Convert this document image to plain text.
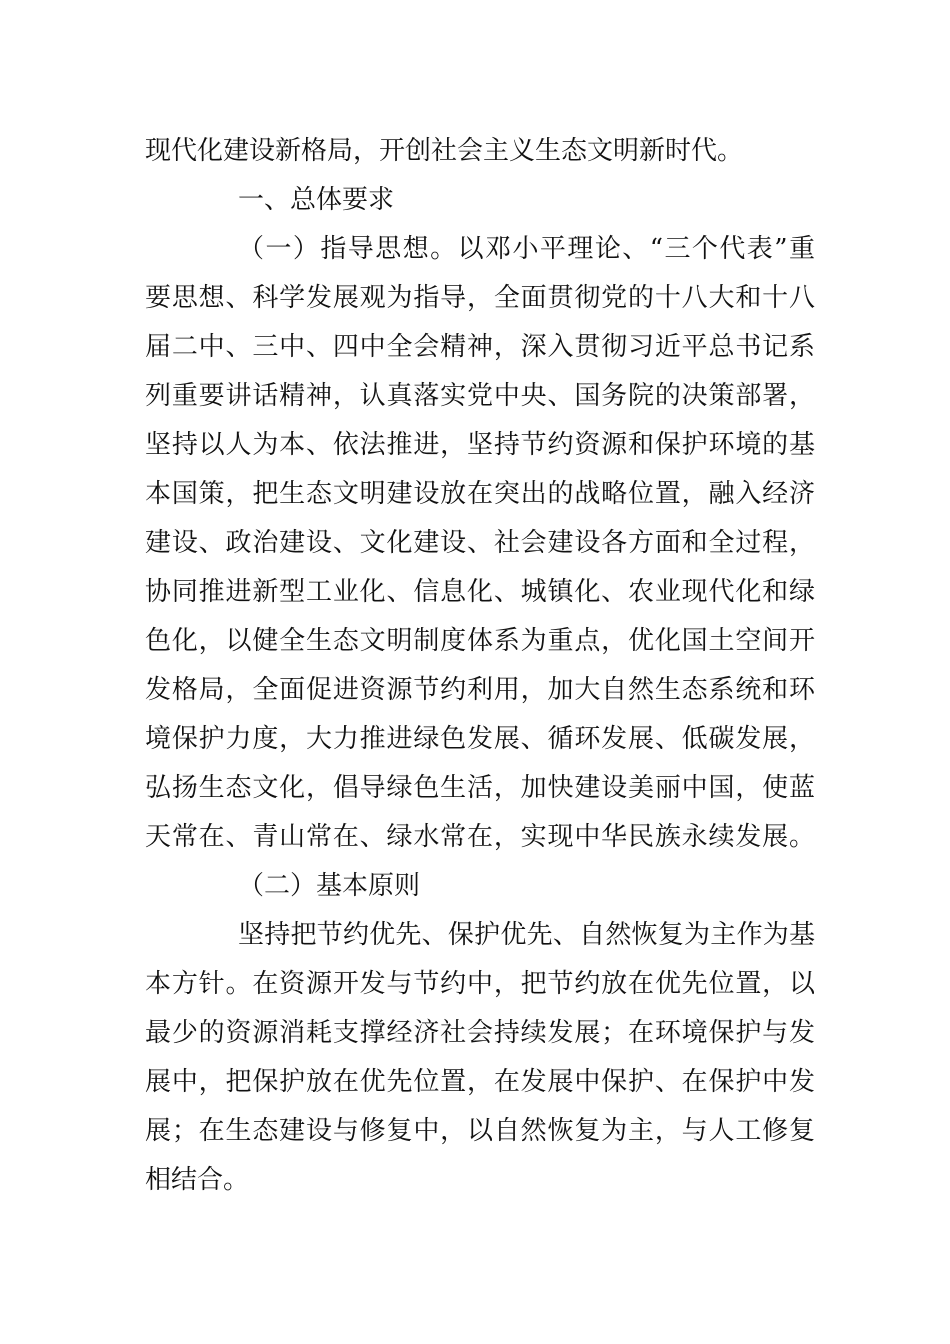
现代化建设新格局，开创社会主义生态文明新时代。
一、总体要求
（一）指导思想。以邓小平理论、“三个代表”重
要思想、科学发展观为指导，全面贯彻党的十八大和十八
届二中、三中、四中全会精神，深入贯彻习近平总书记系
列重要讲话精神，认真落实党中央、国务院的决策部署，
坚持以人为本、依法推进，坚持节约资源和保护环境的基
本国策，把生态文明建设放在突出的战略位置，融入经济
建设、政治建设、文化建设、社会建设各方面和全过程，
协同推进新型工业化、信息化、城镇化、农业现代化和绿
色化，以健全生态文明制度体系为重点，优化国土空间开
发格局，全面促进资源节约利用，加大自然生态系统和环
境保护力度，大力推进绿色发展、循环发展、低碳发展，
弘扬生态文化，倡导绿色生活，加快建设美丽中国，使蓝
天常在、青山常在、绿水常在，实现中华民族永续发展。
（二）基本原则
坚持把节约优先、保护优先、自然恢复为主作为基
本方针。在资源开发与节约中，把节约放在优先位置，以
最少的资源消耗支撑经济社会持续发展；在环境保护与发
展中，把保护放在优先位置，在发展中保护、在保护中发
展；在生态建设与修复中，以自然恢复为主，与人工修复
相结合。
